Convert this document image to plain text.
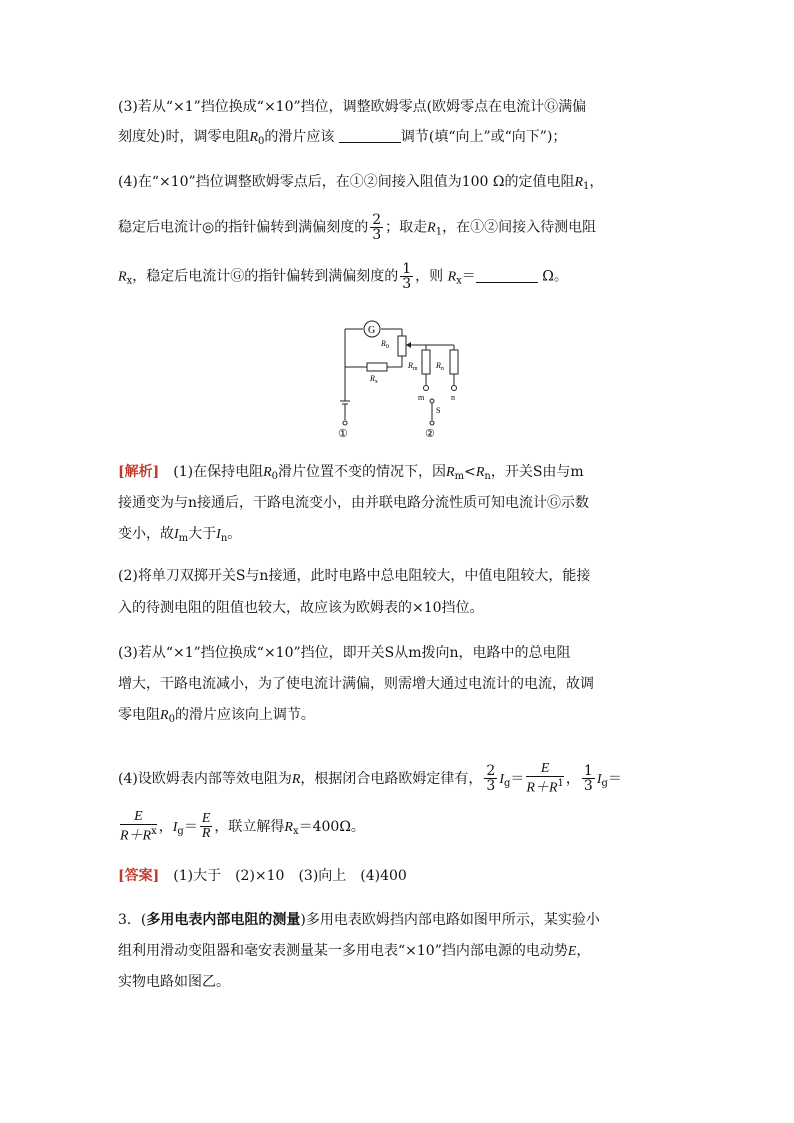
(3)若从“×1”挡位换成“×10”挡位，调整欧姆零点(欧姆零点在电流计Ⓖ满偏

刻度处)时，调零电阻$R_0$的滑片应该	调节(填“向上”或“向下”)；

(4)在“×10”挡位调整欧姆零点后，在①②间接入阻值为100 Ω的定值电阻$R_1$，

稳定后电流计◎的指针偏转到满偏刻度的 $\frac{2}{3}$ ；取走$R_1$，在①②间接入待测电阻

$R_x$，稳定后电流计Ⓖ的指针偏转到满偏刻度的 $\frac{1}{3}$ ，则 $R_x=$	Ω。

G
$R_0$
$R_x$
$R_m$ $R_n$
m	n
S
①	②

[解析]　 (1)在保持电阻$R_0$滑片位置不变的情况下，因$R_m<R_n$，开关S由与m

接通变为与n接通后，干路电流变小，由并联电路分流性质可知电流计Ⓖ示数

变小，故$I_m$大于$I_n$。

(2)将单刀双掷开关S与n接通，此时电路中总电阻较大，中值电阻较大，能接

入的待测电阻的阻值也较大，故应该为欧姆表的×10挡位。

(3)若从“×1”挡位换成“×10”挡位，即开关S从m拨向n，电路中的总电阻

增大，干路电流减小，为了使电流计满偏，则需增大通过电流计的电流，故调

零电阻$R_0$的滑片应该向上调节。

(4)设欧姆表内部等效电阻为R，根据闭合电路欧姆定律有， $\frac{2}{3} I_g= \frac{E}{R+R^1}$ ， $\frac{1}{3} I_g=$

$\frac{E}{R+R^x}$ ，$I_g= \frac{E}{R}$ ，联立解得$R_x=400\Omega$。

[答案]　 (1)大于　(2)×10　(3)向上　(4)400

3．(多用电表内部电阻的测量)多用电表欧姆挡内部电路如图甲所示，某实验小

组利用滑动变阻器和毫安表测量某一多用电表“×10”挡内部电源的电动势E，

实物电路如图乙。
